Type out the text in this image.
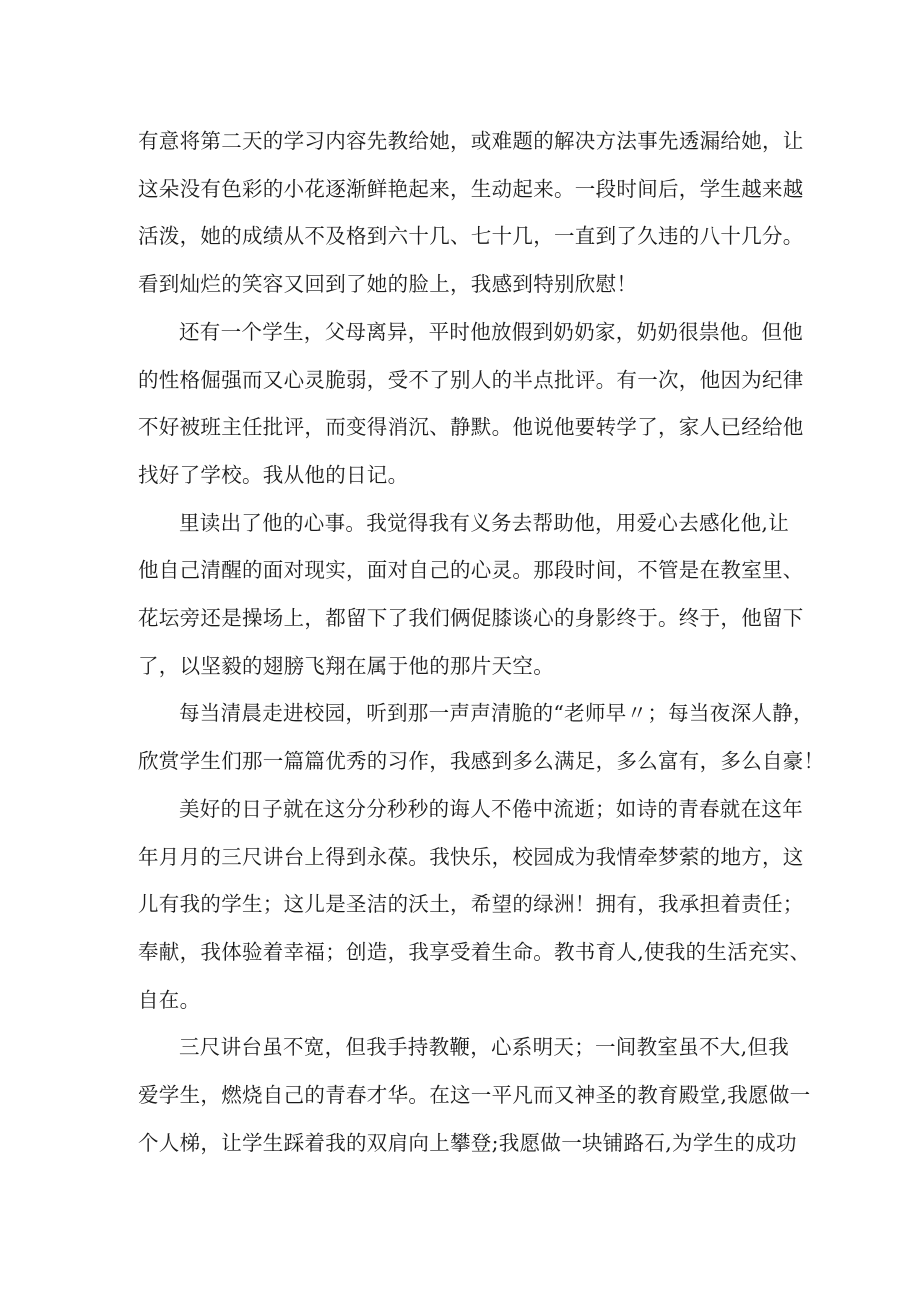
有意将第二天的学习内容先教给她，或难题的解决方法事先透漏给她，让
这朵没有色彩的小花逐渐鲜艳起来，生动起来。一段时间后，学生越来越
活泼，她的成绩从不及格到六十几、七十几，一直到了久违的八十几分。
看到灿烂的笑容又回到了她的脸上，我感到特别欣慰！
还有一个学生，父母离异，平时他放假到奶奶家，奶奶很祟他。但他
的性格倔强而又心灵脆弱，受不了别人的半点批评。有一次，他因为纪律
不好被班主任批评，而变得消沉、静默。他说他要转学了，家人已经给他
找好了学校。我从他的日记。
里读出了他的心事。我觉得我有义务去帮助他，用爱心去感化他,让
他自己清醒的面对现实，面对自己的心灵。那段时间，不管是在教室里、
花坛旁还是操场上，都留下了我们俩促膝谈心的身影终于。终于，他留下
了，以坚毅的翅膀飞翔在属于他的那片天空。
每当清晨走进校园，听到那一声声清脆的“老师早〃；每当夜深人静，
欣赏学生们那一篇篇优秀的习作，我感到多么满足，多么富有，多么自豪！
美好的日子就在这分分秒秒的诲人不倦中流逝；如诗的青春就在这年
年月月的三尺讲台上得到永葆。我快乐，校园成为我情牵梦萦的地方，这
儿有我的学生；这儿是圣洁的沃土，希望的绿洲！拥有，我承担着责任；
奉献，我体验着幸福；创造，我享受着生命。教书育人,使我的生活充实、
自在。
三尺讲台虽不宽，但我手持教鞭，心系明天；一间教室虽不大,但我
爱学生，燃烧自己的青春才华。在这一平凡而又神圣的教育殿堂,我愿做一
个人梯，让学生踩着我的双肩向上攀登;我愿做一块铺路石,为学生的成功
